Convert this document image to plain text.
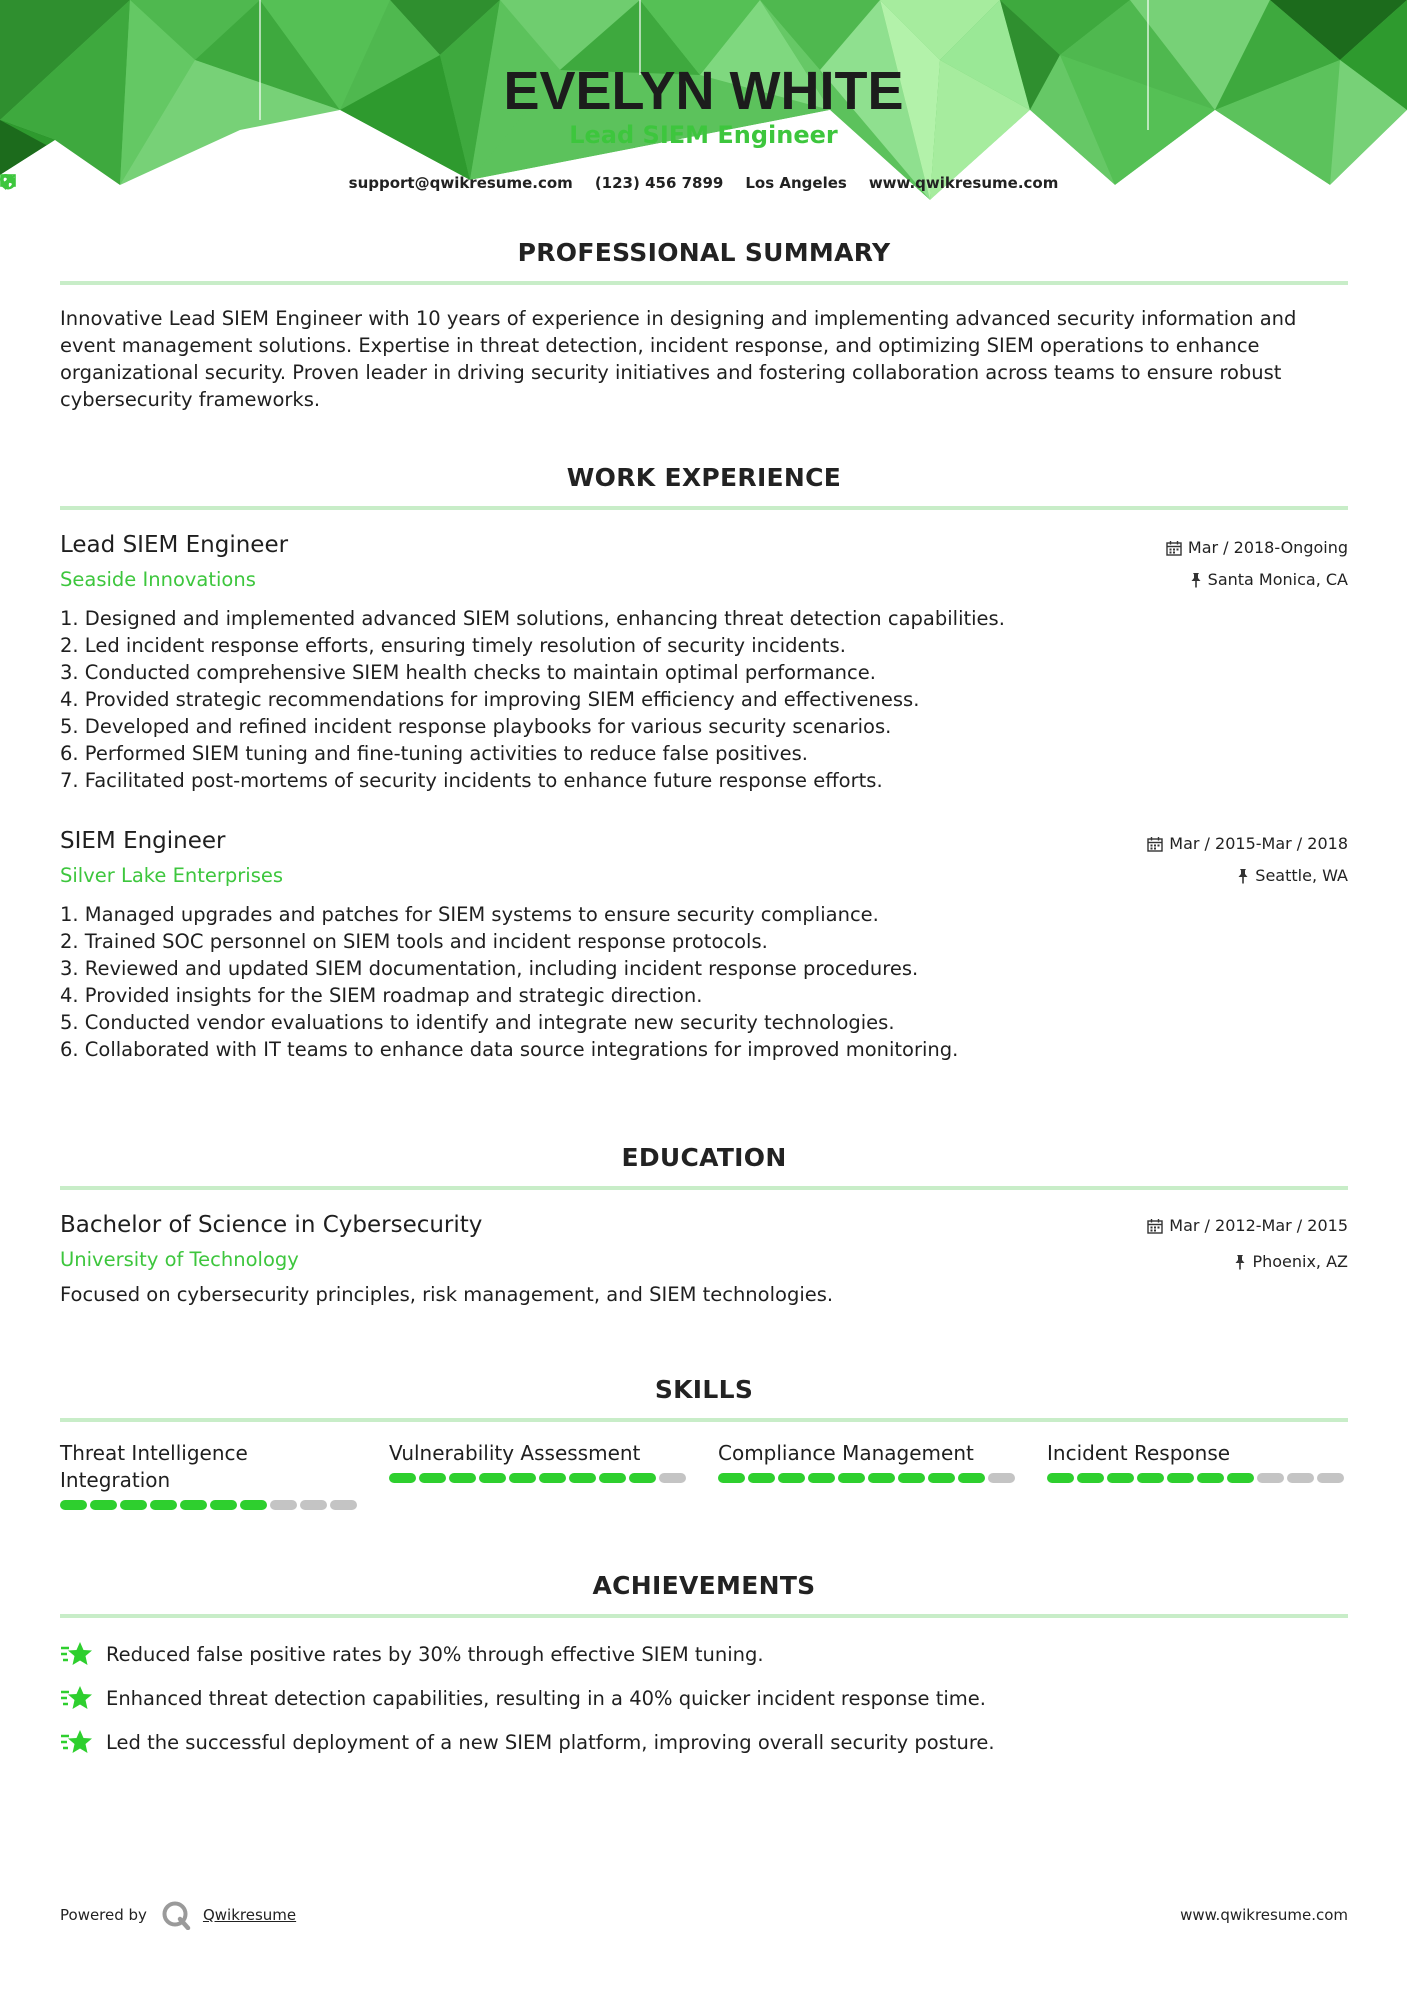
EVELYN WHITE
Lead SIEM Engineer
support@qwikresume.com (123) 456 7899 Los Angeles www.qwikresume.com
PROFESSIONAL SUMMARY

Innovative Lead SIEM Engineer with 10 years of experience in designing and implementing advanced security information and event management solutions. Expertise in threat detection, incident response, and optimizing SIEM operations to enhance organizational security. Proven leader in driving security initiatives and fostering collaboration across teams to ensure robust cybersecurity frameworks.

WORK EXPERIENCE
Lead SIEM Engineer
Seaside Innovations
Mar / 2018-Ongoing
Santa Monica, CA
1. Designed and implemented advanced SIEM solutions, enhancing threat detection capabilities.
2. Led incident response efforts, ensuring timely resolution of security incidents.
3. Conducted comprehensive SIEM health checks to maintain optimal performance.
4. Provided strategic recommendations for improving SIEM efficiency and effectiveness.
5. Developed and refined incident response playbooks for various security scenarios.
6. Performed SIEM tuning and fine-tuning activities to reduce false positives.
7. Facilitated post-mortems of security incidents to enhance future response efforts.
SIEM Engineer
Silver Lake Enterprises
Mar / 2015-Mar / 2018
Seattle, WA
1. Managed upgrades and patches for SIEM systems to ensure security compliance.
2. Trained SOC personnel on SIEM tools and incident response protocols.
3. Reviewed and updated SIEM documentation, including incident response procedures.
4. Provided insights for the SIEM roadmap and strategic direction.
5. Conducted vendor evaluations to identify and integrate new security technologies.
6. Collaborated with IT teams to enhance data source integrations for improved monitoring.
EDUCATION
Bachelor of Science in Cybersecurity
University of Technology
Mar / 2012-Mar / 2015
Phoenix, AZ

Focused on cybersecurity principles, risk management, and SIEM technologies.

SKILLS
Threat Intelligence Integration
Vulnerability Assessment	Compliance Management	Incident Response
ACHIEVEMENTS
Reduced false positive rates by 30% through effective SIEM tuning.
Enhanced threat detection capabilities, resulting in a 40% quicker incident response time.
Led the successful deployment of a new SIEM platform, improving overall security posture.
Powered by	Qwikresume	www.qwikresume.com
